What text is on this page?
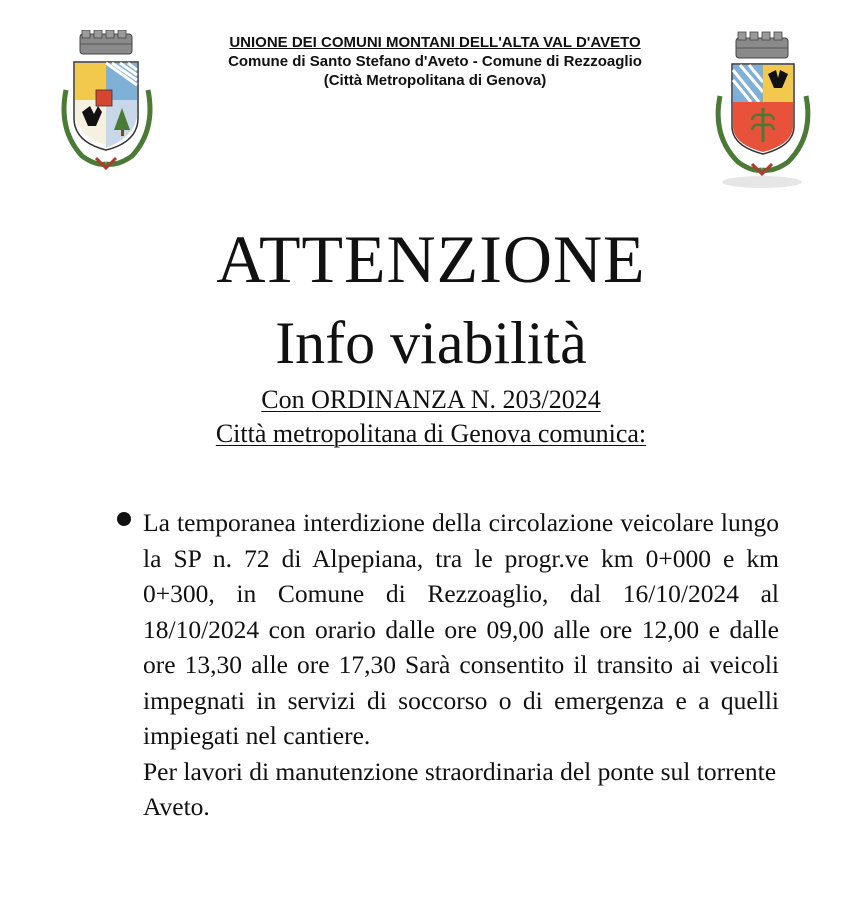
UNIONE DEI COMUNI MONTANI DELL'ALTA VAL D'AVETO
Comune di Santo Stefano d'Aveto - Comune di Rezzoaglio
(Città Metropolitana di Genova)
ATTENZIONE
Info viabilità
Con ORDINANZA N. 203/2024
Città metropolitana di Genova comunica:
La temporanea interdizione della circolazione veicolare lungo la SP n. 72 di Alpepiana, tra le progr.ve km 0+000 e km 0+300, in Comune di Rezzoaglio, dal 16/10/2024 al 18/10/2024 con orario dalle ore 09,00 alle ore 12,00 e dalle ore 13,30 alle ore 17,30 Sarà consentito il transito ai veicoli impegnati in servizi di soccorso o di emergenza e a quelli impiegati nel cantiere.
Per lavori di manutenzione straordinaria del ponte sul torrente Aveto.
